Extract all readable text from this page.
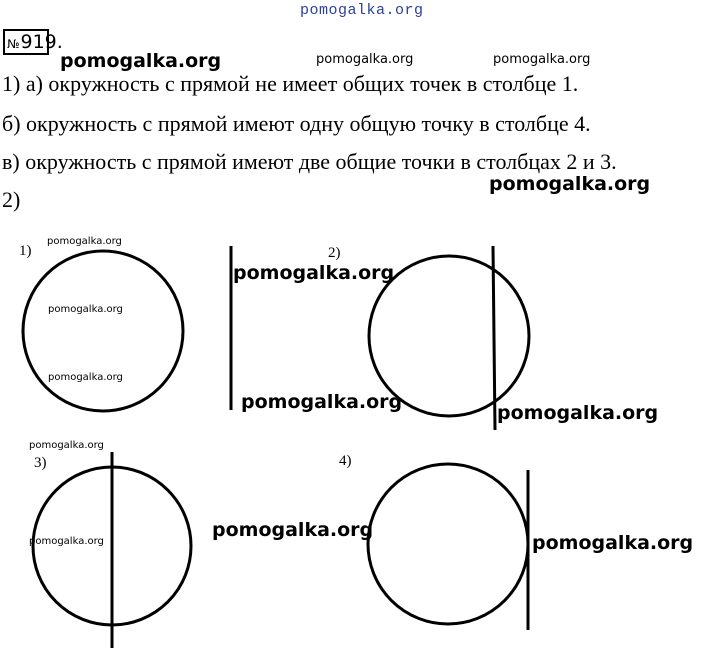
pomogalka.org
№919.
pomogalka.org	pomogalka.org	pomogalka.org
1) а) окружность с прямой не имеет общих точек в столбце 1.
б) окружность с прямой имеют одну общую точку в столбце 4.
в) окружность с прямой имеют две общие точки в столбцах 2 и 3.
pomogalka.org
2)
1)	2)
3)	4)
pomogalka.org
pomogalka.org
pomogalka.org
pomogalka.org
pomogalka.org	pomogalka.org
pomogalka.org
pomogalka.org
pomogalka.org
pomogalka.org
